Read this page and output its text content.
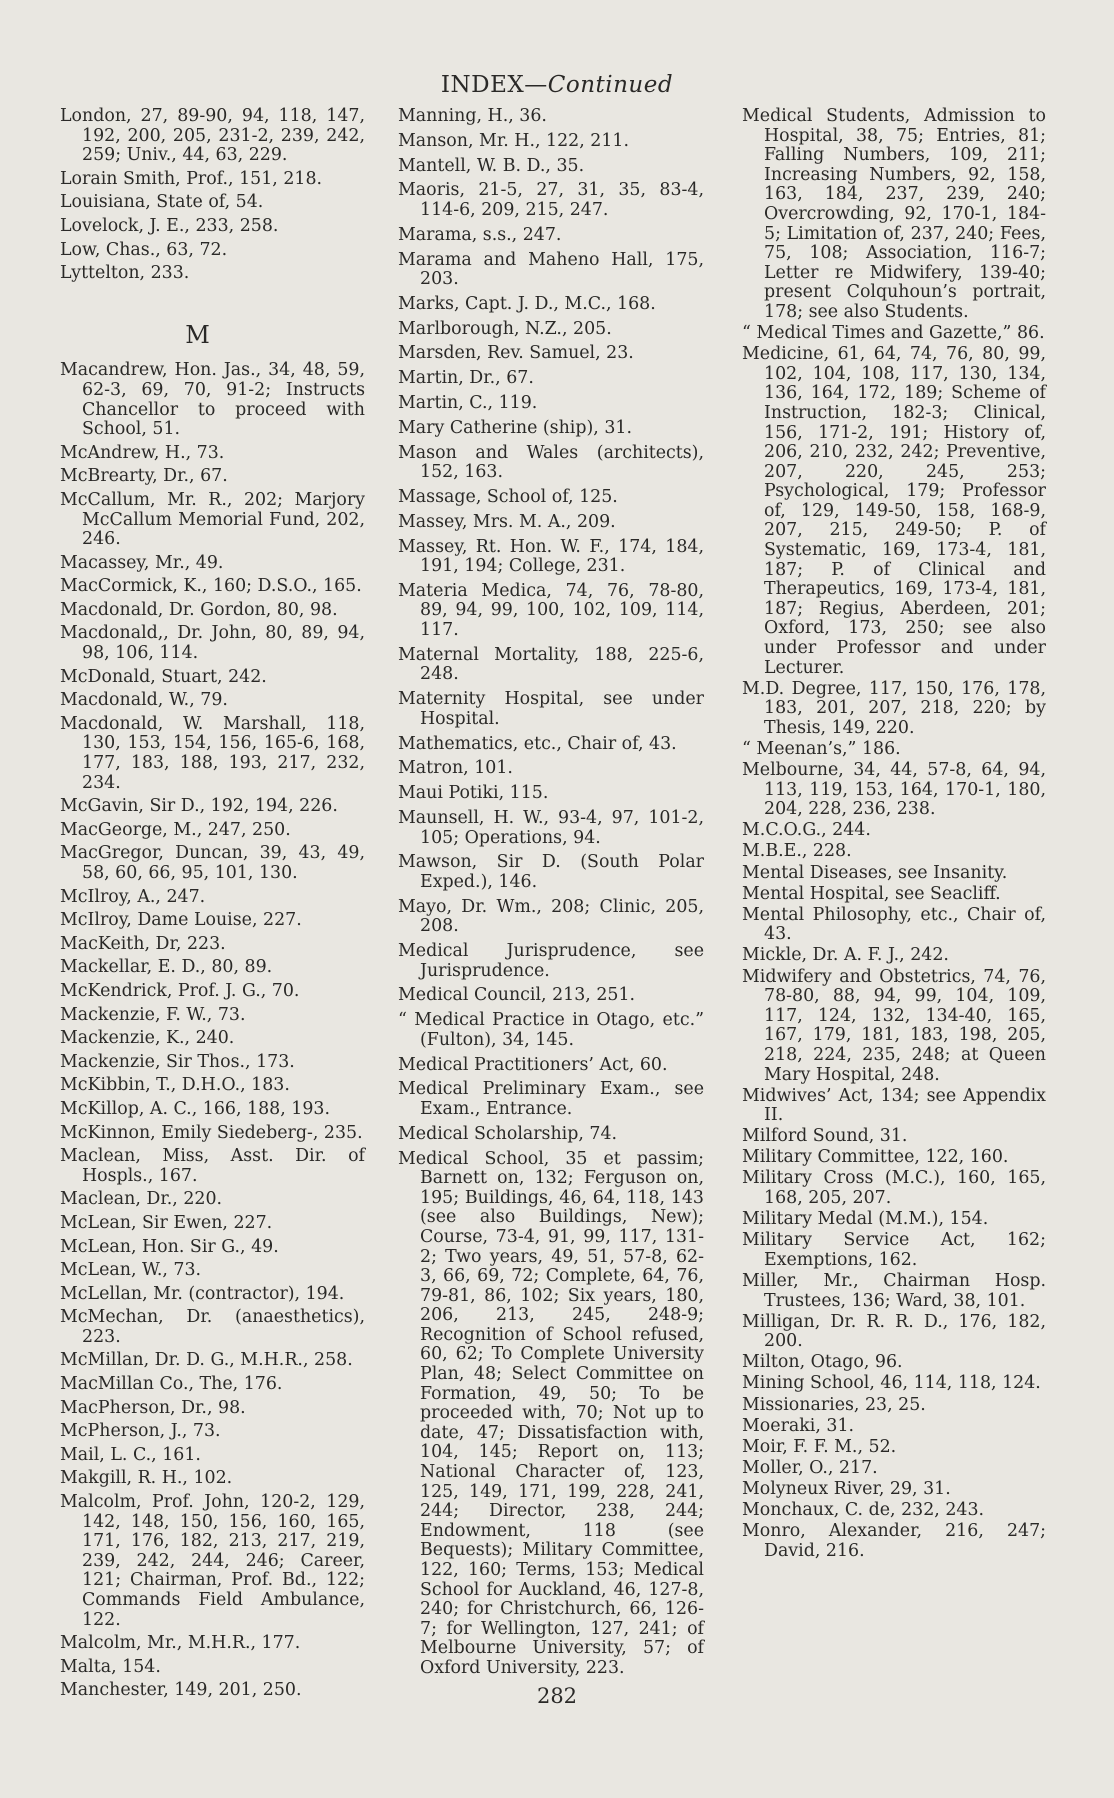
INDEX—Continued

London, 27, 89-90, 94, 118, 147, 192, 200, 205, 231-2, 239, 242, 259; Univ., 44, 63, 229.

Lorain Smith, Prof., 151, 218.

Louisiana, State of, 54.

Lovelock, J. E., 233, 258.

Low, Chas., 63, 72.

Lyttelton, 233.

M

Macandrew, Hon. Jas., 34, 48, 59, 62-3, 69, 70, 91-2; Instructs Chancellor to proceed with School, 51.

McAndrew, H., 73.

McBrearty, Dr., 67.

McCallum, Mr. R., 202; Marjory McCallum Memorial Fund, 202, 246.

Macassey, Mr., 49.

MacCormick, K., 160; D.S.O., 165.

Macdonald, Dr. Gordon, 80, 98.

Macdonald,, Dr. John, 80, 89, 94, 98, 106, 114.

McDonald, Stuart, 242.

Macdonald, W., 79.

Macdonald, W. Marshall, 118, 130, 153, 154, 156, 165-6, 168, 177, 183, 188, 193, 217, 232, 234.

McGavin, Sir D., 192, 194, 226.

MacGeorge, M., 247, 250.

MacGregor, Duncan, 39, 43, 49, 58, 60, 66, 95, 101, 130.

McIlroy, A., 247.

McIlroy, Dame Louise, 227.

MacKeith, Dr, 223.

Mackellar, E. D., 80, 89.

McKendrick, Prof. J. G., 70.

Mackenzie, F. W., 73.

Mackenzie, K., 240.

Mackenzie, Sir Thos., 173.

McKibbin, T., D.H.O., 183.

McKillop, A. C., 166, 188, 193.

McKinnon, Emily Siedeberg-, 235.

Maclean, Miss, Asst. Dir. of Hospls., 167.

Maclean, Dr., 220.

McLean, Sir Ewen, 227.

McLean, Hon. Sir G., 49.

McLean, W., 73.

McLellan, Mr. (contractor), 194.

McMechan, Dr. (anaesthetics), 223.

McMillan, Dr. D. G., M.H.R., 258.

MacMillan Co., The, 176.

MacPherson, Dr., 98.

McPherson, J., 73.

Mail, L. C., 161.

Makgill, R. H., 102.

Malcolm, Prof. John, 120-2, 129, 142, 148, 150, 156, 160, 165, 171, 176, 182, 213, 217, 219, 239, 242, 244, 246; Career, 121; Chairman, Prof. Bd., 122; Commands Field Ambulance, 122.

Malcolm, Mr., M.H.R., 177.

Malta, 154.

Manchester, 149, 201, 250.

Manning, H., 36.

Manson, Mr. H., 122, 211.

Mantell, W. B. D., 35.

Maoris, 21-5, 27, 31, 35, 83-4, 114-6, 209, 215, 247.

Marama, s.s., 247.

Marama and Maheno Hall, 175, 203.

Marks, Capt. J. D., M.C., 168.

Marlborough, N.Z., 205.

Marsden, Rev. Samuel, 23.

Martin, Dr., 67.

Martin, C., 119.

Mary Catherine (ship), 31.

Mason and Wales (architects), 152, 163.

Massage, School of, 125.

Massey, Mrs. M. A., 209.

Massey, Rt. Hon. W. F., 174, 184, 191, 194; College, 231.

Materia Medica, 74, 76, 78-80, 89, 94, 99, 100, 102, 109, 114, 117.

Maternal Mortality, 188, 225-6, 248.

Maternity Hospital, see under Hospital.

Mathematics, etc., Chair of, 43.

Matron, 101.

Maui Potiki, 115.

Maunsell, H. W., 93-4, 97, 101-2, 105; Operations, 94.

Mawson, Sir D. (South Polar Exped.), 146.

Mayo, Dr. Wm., 208; Clinic, 205, 208.

Medical Jurisprudence, see Jurisprudence.

Medical Council, 213, 251.

“ Medical Practice in Otago, etc.” (Fulton), 34, 145.

Medical Practitioners’ Act, 60.

Medical Preliminary Exam., see Exam., Entrance.

Medical Scholarship, 74.

Medical School, 35 et passim; Barnett on, 132; Ferguson on, 195; Buildings, 46, 64, 118, 143 (see also Buildings, New); Course, 73-4, 91, 99, 117, 131-2; Two years, 49, 51, 57-8, 62-3, 66, 69, 72; Complete, 64, 76, 79-81, 86, 102; Six years, 180, 206, 213, 245, 248-9; Recognition of School refused, 60, 62; To Complete University Plan, 48; Select Committee on Formation, 49, 50; To be proceeded with, 70; Not up to date, 47; Dissatisfaction with, 104, 145; Report on, 113; National Character of, 123, 125, 149, 171, 199, 228, 241, 244; Director, 238, 244; Endowment, 118 (see Bequests); Military Committee, 122, 160; Terms, 153; Medical School for Auckland, 46, 127-8, 240; for Christchurch, 66, 126-7; for Wellington, 127, 241; of Melbourne University, 57; of Oxford University, 223.

Medical Students, Admission to Hospital, 38, 75; Entries, 81; Falling Numbers, 109, 211; Increasing Numbers, 92, 158, 163, 184, 237, 239, 240; Overcrowding, 92, 170-1, 184-5; Limitation of, 237, 240; Fees, 75, 108; Association, 116-7; Letter re Midwifery, 139-40; present Colquhoun’s portrait, 178; see also Students.

“ Medical Times and Gazette,” 86.

Medicine, 61, 64, 74, 76, 80, 99, 102, 104, 108, 117, 130, 134, 136, 164, 172, 189; Scheme of Instruction, 182-3; Clinical, 156, 171-2, 191; History of, 206, 210, 232, 242; Preventive, 207, 220, 245, 253; Psychological, 179; Professor of, 129, 149-50, 158, 168-9, 207, 215, 249-50; P. of Systematic, 169, 173-4, 181, 187; P. of Clinical and Therapeutics, 169, 173-4, 181, 187; Regius, Aberdeen, 201; Oxford, 173, 250; see also under Professor and under Lecturer.

M.D. Degree, 117, 150, 176, 178, 183, 201, 207, 218, 220; by Thesis, 149, 220.

“ Meenan’s,” 186.

Melbourne, 34, 44, 57-8, 64, 94, 113, 119, 153, 164, 170-1, 180, 204, 228, 236, 238.

M.C.O.G., 244.

M.B.E., 228.

Mental Diseases, see Insanity.

Mental Hospital, see Seacliff.

Mental Philosophy, etc., Chair of, 43.

Mickle, Dr. A. F. J., 242.

Midwifery and Obstetrics, 74, 76, 78-80, 88, 94, 99, 104, 109, 117, 124, 132, 134-40, 165, 167, 179, 181, 183, 198, 205, 218, 224, 235, 248; at Queen Mary Hospital, 248.

Midwives’ Act, 134; see Appendix II.

Milford Sound, 31.

Military Committee, 122, 160.

Military Cross (M.C.), 160, 165, 168, 205, 207.

Military Medal (M.M.), 154.

Military Service Act, 162; Exemptions, 162.

Miller, Mr., Chairman Hosp. Trustees, 136; Ward, 38, 101.

Milligan, Dr. R. R. D., 176, 182, 200.

Milton, Otago, 96.

Mining School, 46, 114, 118, 124.

Missionaries, 23, 25.

Moeraki, 31.

Moir, F. F. M., 52.

Moller, O., 217.

Molyneux River, 29, 31.

Monchaux, C. de, 232, 243.

Monro, Alexander, 216, 247; David, 216.

282
